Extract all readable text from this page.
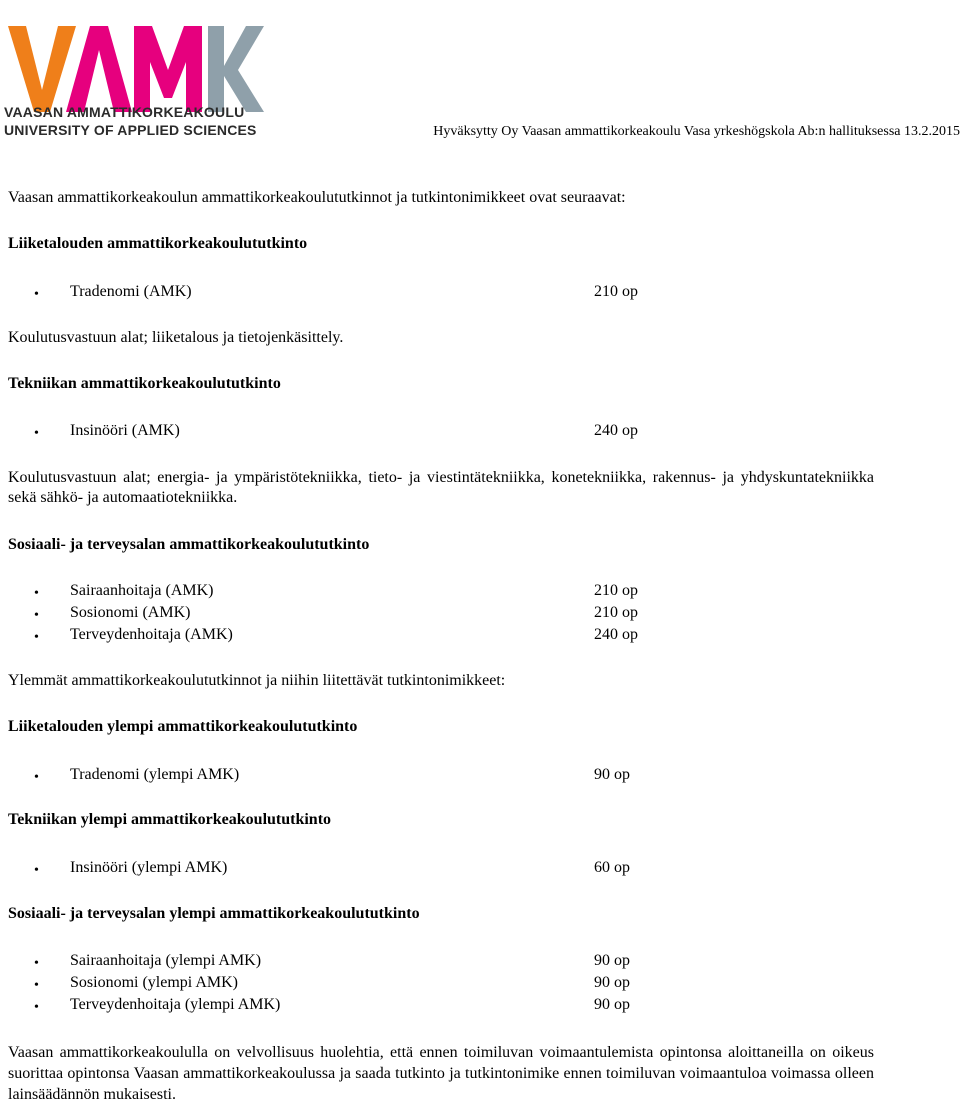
VAASAN AMMATTIKORKEAKOULU
UNIVERSITY OF APPLIED SCIENCES	Hyväksytty Oy Vaasan ammattikorkeakoulu Vasa yrkeshögskola Ab:n hallituksessa 13.2.2015
Vaasan ammattikorkeakoulun ammattikorkeakoulututkinnot ja tutkintonimikkeet ovat seuraavat:
Liiketalouden ammattikorkeakoulututkinto
•
Tradenomi (AMK)	210 op
Koulutusvastuun alat; liiketalous ja tietojenkäsittely.
Tekniikan ammattikorkeakoulututkinto
•
Insinööri (AMK)	240 op
Koulutusvastuun alat; energia- ja ympäristötekniikka, tieto- ja viestintätekniikka, konetekniikka, rakennus- ja yhdyskuntatekniikka sekä sähkö- ja automaatiotekniikka.
Sosiaali- ja terveysalan ammattikorkeakoulututkinto
•
Sairaanhoitaja (AMK)	210 op
•
Sosionomi (AMK)	210 op
•
Terveydenhoitaja (AMK)	240 op
Ylemmät ammattikorkeakoulututkinnot ja niihin liitettävät tutkintonimikkeet:
Liiketalouden ylempi ammattikorkeakoulututkinto
•
Tradenomi (ylempi AMK)	90 op
Tekniikan ylempi ammattikorkeakoulututkinto
•
Insinööri (ylempi AMK)	60 op
Sosiaali- ja terveysalan ylempi ammattikorkeakoulututkinto
•
Sairaanhoitaja (ylempi AMK)	90 op
•
Sosionomi (ylempi AMK)	90 op
•
Terveydenhoitaja (ylempi AMK)	90 op
Vaasan ammattikorkeakoululla on velvollisuus huolehtia, että ennen toimiluvan voimaantulemista opintonsa aloittaneilla on oikeus suorittaa opintonsa Vaasan ammattikorkeakoulussa ja saada tutkinto ja tutkintonimike ennen toimiluvan voimaantuloa voimassa olleen lainsäädännön mukaisesti.
